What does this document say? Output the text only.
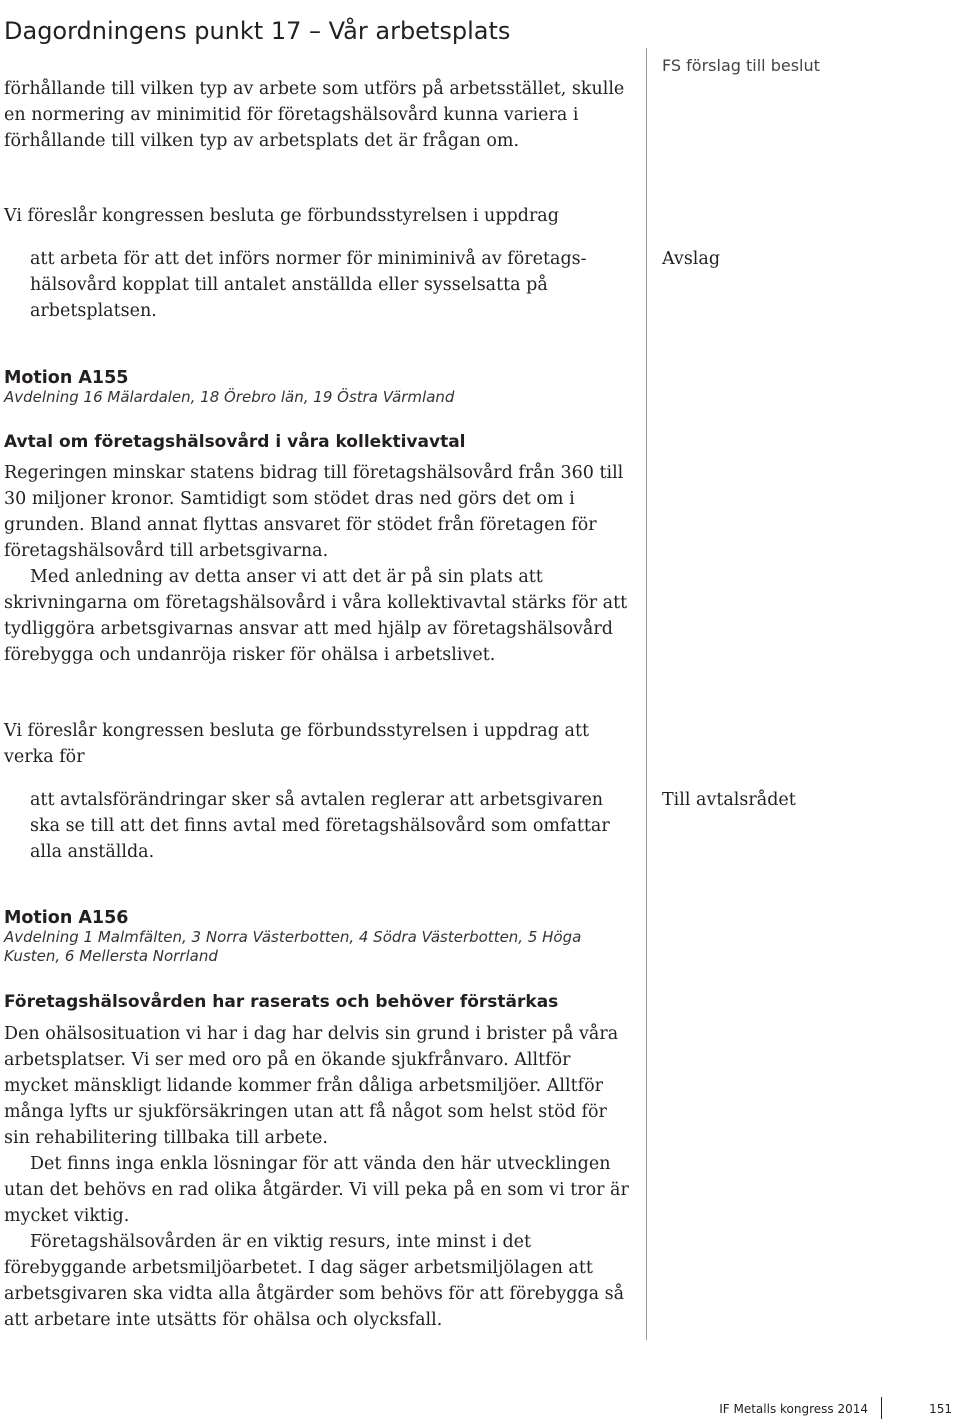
Dagordningens punkt 17 – Vår arbetsplats
FS förslag till beslut

förhållande till vilken typ av arbete som utförs på arbetsstället, skulle en normering av minimitid för företagshälsovård kunna variera i förhållande till vilken typ av arbetsplats det är frågan om.

Vi föreslår kongressen besluta ge förbundsstyrelsen i uppdrag
att arbeta för att det införs normer för miniminivå av företagshälsovård kopplat till antalet anställda eller sysselsatta på arbetsplatsen.
Avslag
Motion A155
Avdelning 16 Mälardalen, 18 Örebro län, 19 Östra Värmland
Avtal om företagshälsovård i våra kollektivavtal

Regeringen minskar statens bidrag till företagshälsovård från 360 till 30 miljoner kronor. Samtidigt som stödet dras ned görs det om i grunden. Bland annat flyttas ansvaret för stödet från företagen för företagshälsovård till arbetsgivarna.

Med anledning av detta anser vi att det är på sin plats att skrivningarna om företagshälsovård i våra kollektivavtal stärks för att tydliggöra arbetsgivarnas ansvar att med hjälp av företagshälsovård förebygga och undanröja risker för ohälsa i arbetslivet.

Vi föreslår kongressen besluta ge förbundsstyrelsen i uppdrag att verka för
att avtalsförändringar sker så avtalen reglerar att arbetsgivaren ska se till att det finns avtal med företagshälsovård som omfattar alla anställda.
Till avtalsrådet
Motion A156
Avdelning 1 Malmfälten, 3 Norra Västerbotten, 4 Södra Västerbotten, 5 Höga Kusten, 6 Mellersta Norrland
Företagshälsovården har raserats och behöver förstärkas

Den ohälsosituation vi har i dag har delvis sin grund i brister på våra arbetsplatser. Vi ser med oro på en ökande sjukfrånvaro. Alltför mycket mänskligt lidande kommer från dåliga arbetsmiljöer. Alltför många lyfts ur sjukförsäkringen utan att få något som helst stöd för sin rehabilitering tillbaka till arbete.

Det finns inga enkla lösningar för att vända den här utvecklingen utan det behövs en rad olika åtgärder. Vi vill peka på en som vi tror är mycket viktig.

Företagshälsovården är en viktig resurs, inte minst i det förebyggande arbetsmiljöarbetet. I dag säger arbetsmiljölagen att arbetsgivaren ska vidta alla åtgärder som behövs för att förebygga så att arbetare inte utsätts för ohälsa och olycksfall.

IF Metalls kongress 2014	151
